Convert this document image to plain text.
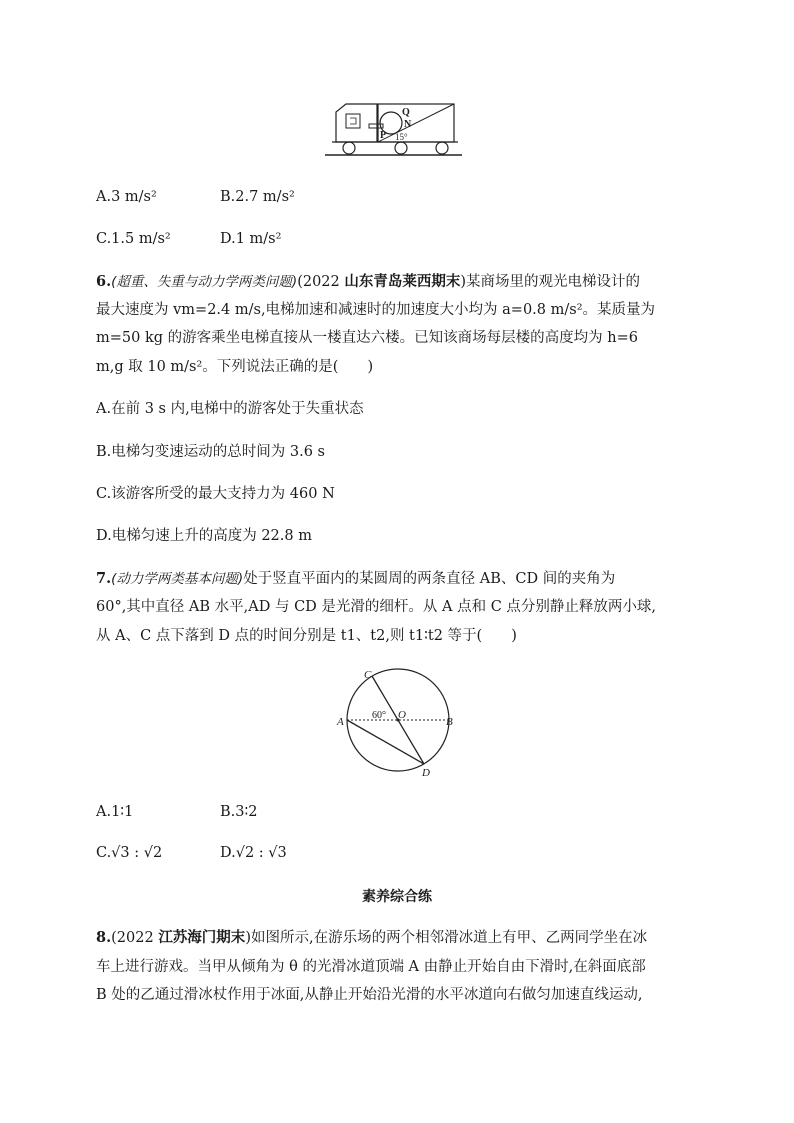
Q
N
P 15°
A.3 m/s²	B.2.7 m/s²
C.1.5 m/s²	D.1 m/s²
6.(超重、失重与动力学两类问题)(2022 山东青岛莱西期末)某商场里的观光电梯设计的
最大速度为 vm=2.4 m/s,电梯加速和减速时的加速度大小均为 a=0.8 m/s²。某质量为
m=50 kg 的游客乘坐电梯直接从一楼直达六楼。已知该商场每层楼的高度均为 h=6
m,g 取 10 m/s²。下列说法正确的是(　　)
A.在前 3 s 内,电梯中的游客处于失重状态
B.电梯匀变速运动的总时间为 3.6 s
C.该游客所受的最大支持力为 460 N
D.电梯匀速上升的高度为 22.8 m
7.(动力学两类基本问题)处于竖直平面内的某圆周的两条直径 AB、CD 间的夹角为
60°,其中直径 AB 水平,AD 与 CD 是光滑的细杆。从 A 点和 C 点分别静止释放两小球,
从 A、C 点下落到 D 点的时间分别是 t1、t2,则 t1∶t2 等于(　　)
C
A	B
D
O
60°
A.1∶1	B.3∶2
C.√3 : √2	D.√2 : √3
素养综合练
8.(2022 江苏海门期末)如图所示,在游乐场的两个相邻滑冰道上有甲、乙两同学坐在冰
车上进行游戏。当甲从倾角为 θ 的光滑冰道顶端 A 由静止开始自由下滑时,在斜面底部
B 处的乙通过滑冰杖作用于冰面,从静止开始沿光滑的水平冰道向右做匀加速直线运动,
